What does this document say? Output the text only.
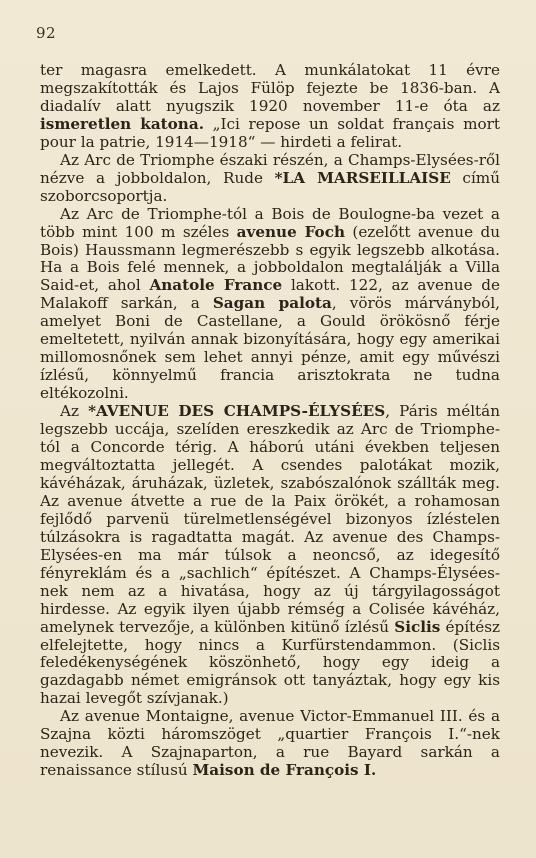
92

ter magasra emelkedett. A munkálatokat 11 évre megszakították és Lajos Fülöp fejezte be 1836-ban. A diadalív alatt nyugszik 1920 november 11-e óta az ismeretlen katona. „Ici repose un soldat français mort pour la patrie, 1914—1918“ — hirdeti a felirat.

Az Arc de Triomphe északi részén, a Champs-Elysées-ről nézve a jobboldalon, Rude *LA MARSEILLAISE című szoborcsoportja.

Az Arc de Triomphe-tól a Bois de Boulogne-ba vezet a több mint 100 m széles avenue Foch (ezelőtt avenue du Bois) Haussmann legmerészebb s egyik legszebb alkotása. Ha a Bois felé mennek, a jobboldalon megtalálják a Villa Said-et, ahol Anatole France lakott. 122, az avenue de Malakoff sarkán, a Sagan palota, vörös márványból, amelyet Boni de Castellane, a Gould örökösnő férje emeltetett, nyilván annak bizonyítására, hogy egy amerikai millomosnőnek sem lehet annyi pénze, amit egy művészi ízlésű, könnyelmű francia arisztokrata ne tudna eltékozolni.

Az *AVENUE DES CHAMPS-ÉLYSÉES, Páris méltán legszebb uccája, szelíden ereszkedik az Arc de Triomphe-tól a Concorde térig. A háború utáni években teljesen megváltoztatta jellegét. A csendes palotákat mozik, kávéházak, áruházak, üzletek, szabószalónok szállták meg. Az avenue átvette a rue de la Paix örökét, a rohamosan fejlődő parvenü türelmetlenségével bizonyos ízléstelen túlzásokra is ragadtatta magát. Az avenue des Champs-Elysées-en ma már túlsok a neoncső, az idegesítő fényreklám és a „sachlich“ építészet. A Champs-Élysées-nek nem az a hivatása, hogy az új tárgyilagosságot hirdesse. Az egyik ilyen újabb rémség a Colisée kávéház, amelynek tervezője, a különben kitünő ízlésű Siclis építész elfelejtette, hogy nincs a Kurfürstendammon. (Siclis feledékenységének köszönhető, hogy egy ideig a gazdagabb német emigránsok ott tanyáztak, hogy egy kis hazai levegőt szívjanak.)

Az avenue Montaigne, avenue Victor-Emmanuel III. és a Szajna közti háromszöget „quartier François I.“-nek nevezik. A Szajnaparton, a rue Bayard sarkán a renaissance stílusú Maison de François I.
